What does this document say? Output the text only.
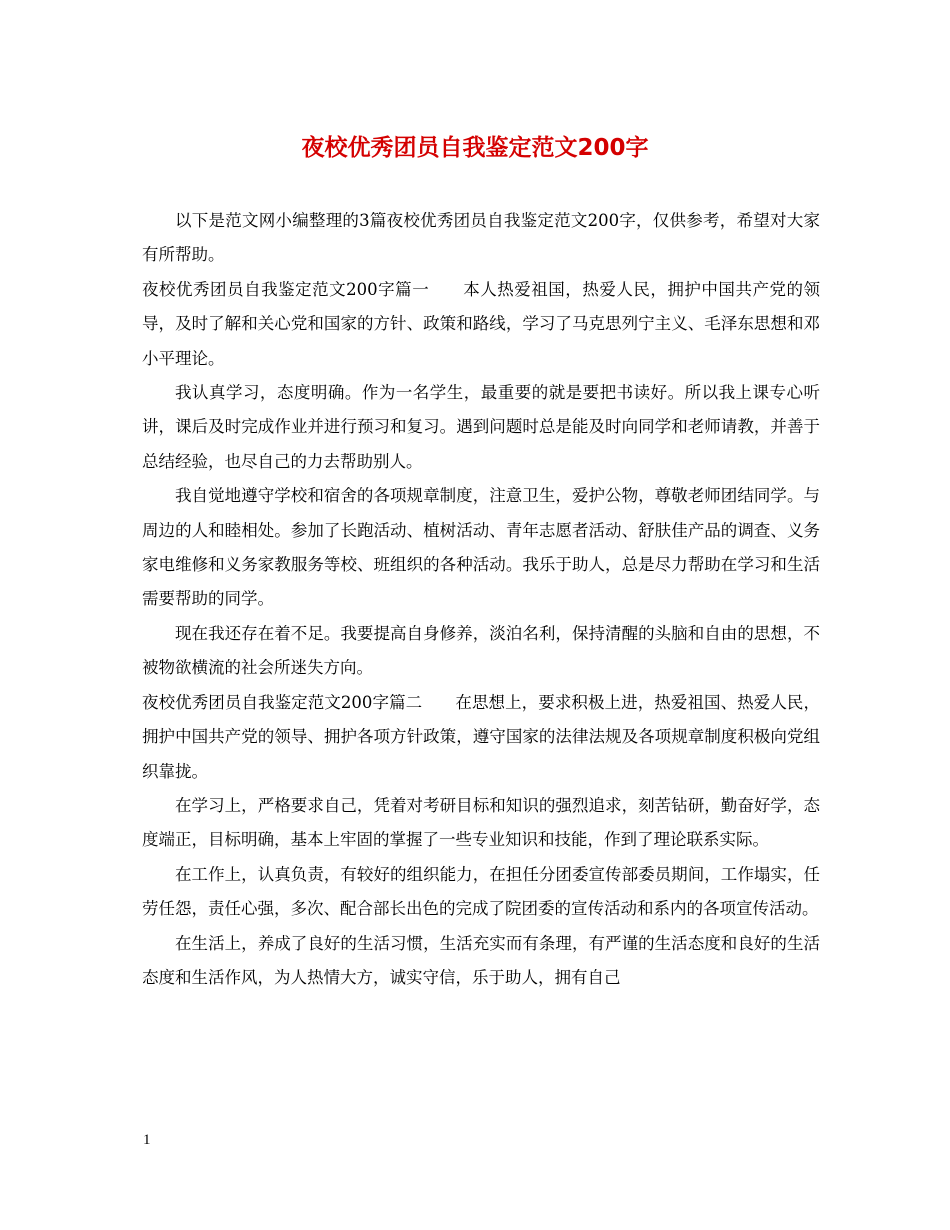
夜校优秀团员自我鉴定范文200字

以下是范文网小编整理的3篇夜校优秀团员自我鉴定范文200字，仅供参考，希望对大家有所帮助。

夜校优秀团员自我鉴定范文200字篇一　　本人热爱祖国，热爱人民，拥护中国共产党的领导，及时了解和关心党和国家的方针、政策和路线，学习了马克思列宁主义、毛泽东思想和邓小平理论。

我认真学习，态度明确。作为一名学生，最重要的就是要把书读好。所以我上课专心听讲，课后及时完成作业并进行预习和复习。遇到问题时总是能及时向同学和老师请教，并善于总结经验，也尽自己的力去帮助别人。

我自觉地遵守学校和宿舍的各项规章制度，注意卫生，爱护公物，尊敬老师团结同学。与周边的人和睦相处。参加了长跑活动、植树活动、青年志愿者活动、舒肤佳产品的调查、义务家电维修和义务家教服务等校、班组织的各种活动。我乐于助人，总是尽力帮助在学习和生活需要帮助的同学。

现在我还存在着不足。我要提高自身修养，淡泊名利，保持清醒的头脑和自由的思想，不被物欲横流的社会所迷失方向。

夜校优秀团员自我鉴定范文200字篇二　　在思想上，要求积极上进，热爱祖国、热爱人民，拥护中国共产党的领导、拥护各项方针政策，遵守国家的法律法规及各项规章制度积极向党组织靠拢。

在学习上，严格要求自己，凭着对考研目标和知识的强烈追求，刻苦钻研，勤奋好学，态度端正，目标明确，基本上牢固的掌握了一些专业知识和技能，作到了理论联系实际。

在工作上，认真负责，有较好的组织能力，在担任分团委宣传部委员期间，工作塌实，任劳任怨，责任心强，多次、配合部长出色的完成了院团委的宣传活动和系内的各项宣传活动。

在生活上，养成了良好的生活习惯，生活充实而有条理，有严谨的生活态度和良好的生活态度和生活作风，为人热情大方，诚实守信，乐于助人，拥有自己

1
